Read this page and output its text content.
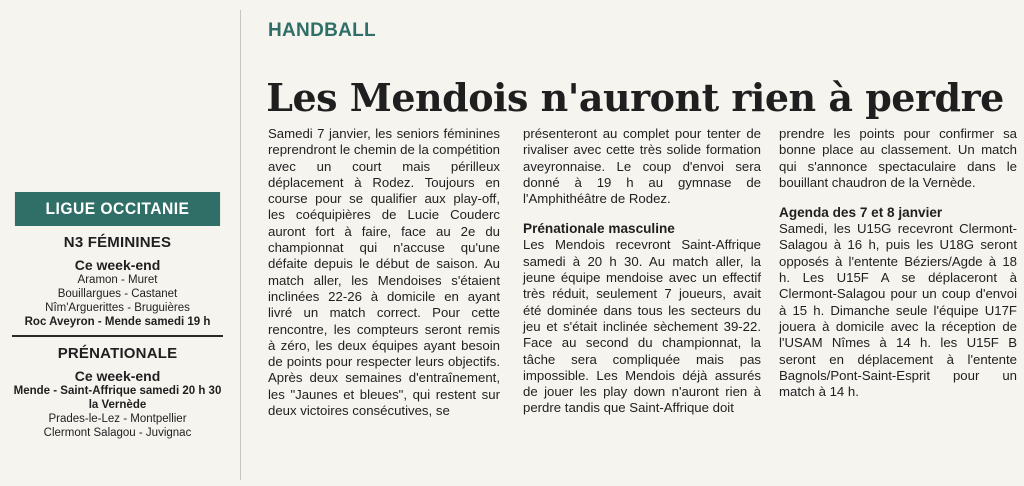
LIGUE OCCITANIE
N3 FÉMININES
Ce week-end
Aramon - Muret
Bouillargues - Castanet
Nîm'Arguerittes - Bruguières
Roc Aveyron - Mende samedi 19 h
PRÉNATIONALE
Ce week-end
Mende - Saint-Affrique samedi 20 h 30
la Vernède
Prades-le-Lez - Montpellier
Clermont Salagou - Juvignac
HANDBALL
Les Mendois n'auront rien à perdre

Samedi 7 janvier, les seniors féminines reprendront le chemin de la compétition avec un court mais périlleux déplacement à Rodez. Toujours en course pour se qualifier aux play-off, les coéquipières de Lucie Couderc auront fort à faire, face au 2e du championnat qui n'accuse qu'une défaite depuis le début de saison. Au match aller, les Mendoises s'étaient inclinées 22-26 à domicile en ayant livré un match correct. Pour cette rencontre, les compteurs seront remis à zéro, les deux équipes ayant besoin de points pour respecter leurs objectifs. Après deux semaines d'entraînement, les "Jaunes et bleues", qui restent sur deux victoires consécutives, se

présenteront au complet pour tenter de rivaliser avec cette très solide formation aveyronnaise. Le coup d'envoi sera donné à 19 h au gymnase de l'Amphithéâtre de Rodez.

Prénationale masculine

Les Mendois recevront Saint-Affrique samedi à 20 h 30. Au match aller, la jeune équipe mendoise avec un effectif très réduit, seulement 7 joueurs, avait été dominée dans tous les secteurs du jeu et s'était inclinée sèchement 39-22. Face au second du championnat, la tâche sera compliquée mais pas impossible. Les Mendois déjà assurés de jouer les play down n'auront rien à perdre tandis que Saint-Affrique doit

prendre les points pour confirmer sa bonne place au classement. Un match qui s'annonce spectaculaire dans le bouillant chaudron de la Vernède.

Agenda des 7 et 8 janvier

Samedi, les U15G recevront Clermont-Salagou à 16 h, puis les U18G seront opposés à l'entente Béziers/Agde à 18 h. Les U15F A se déplaceront à Clermont-Salagou pour un coup d'envoi à 15 h. Dimanche seule l'équipe U17F jouera à domicile avec la réception de l'USAM Nîmes à 14 h. les U15F B seront en déplacement à l'entente Bagnols/Pont-Saint-Esprit pour un match à 14 h.
